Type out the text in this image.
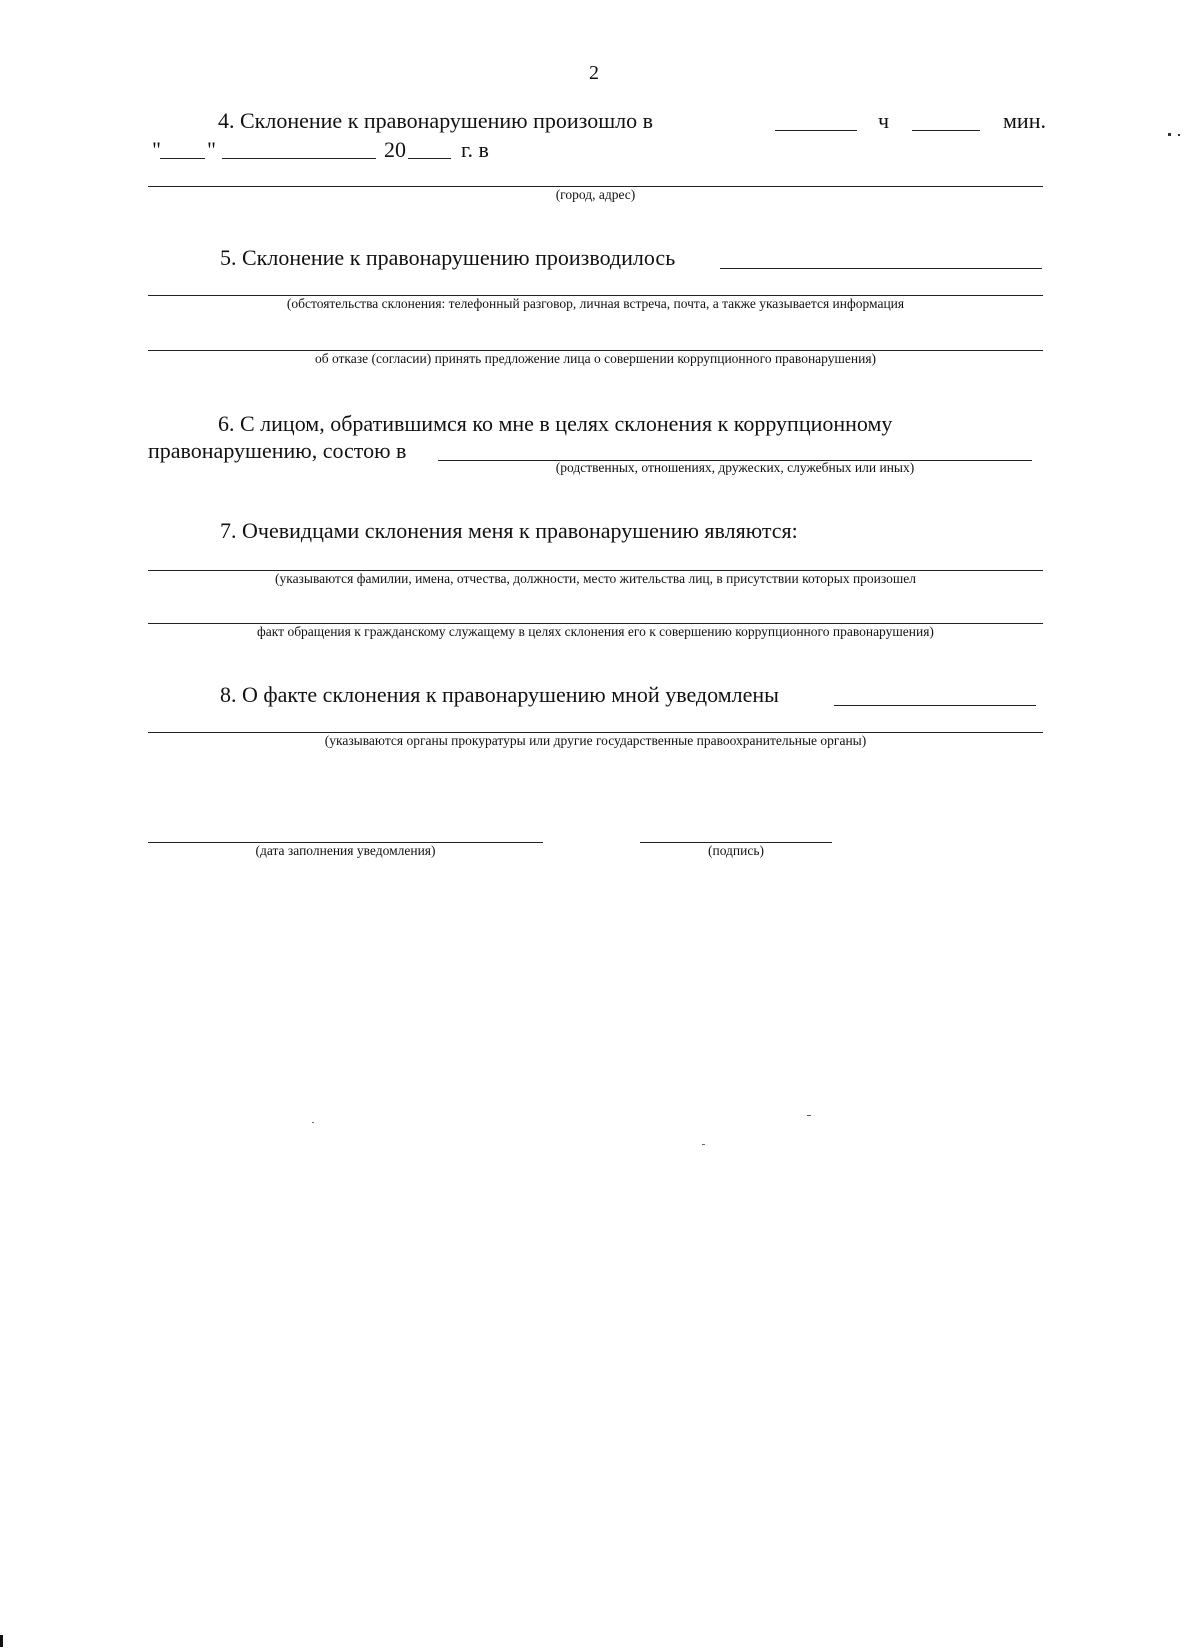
2
4. Склонение к правонарушению произошло в	ч	мин.
" "	20	г. в
(город, адрес)
5. Склонение к правонарушению производилось
(обстоятельства склонения: телефонный разговор, личная встреча, почта, а также указывается информация
об отказе (согласии) принять предложение лица о совершении коррупционного правонарушения)
6. С лицом, обратившимся ко мне в целях склонения к коррупционному
правонарушению, состою в
(родственных, отношениях, дружеских, служебных или иных)
7. Очевидцами склонения меня к правонарушению являются:
(указываются фамилии, имена, отчества, должности, место жительства лиц, в присутствии которых произошел
факт обращения к гражданскому служащему в целях склонения его к совершению коррупционного правонарушения)
8. О факте склонения к правонарушению мной уведомлены
(указываются органы прокуратуры или другие государственные правоохранительные органы)
(дата заполнения уведомления)	(подпись)
